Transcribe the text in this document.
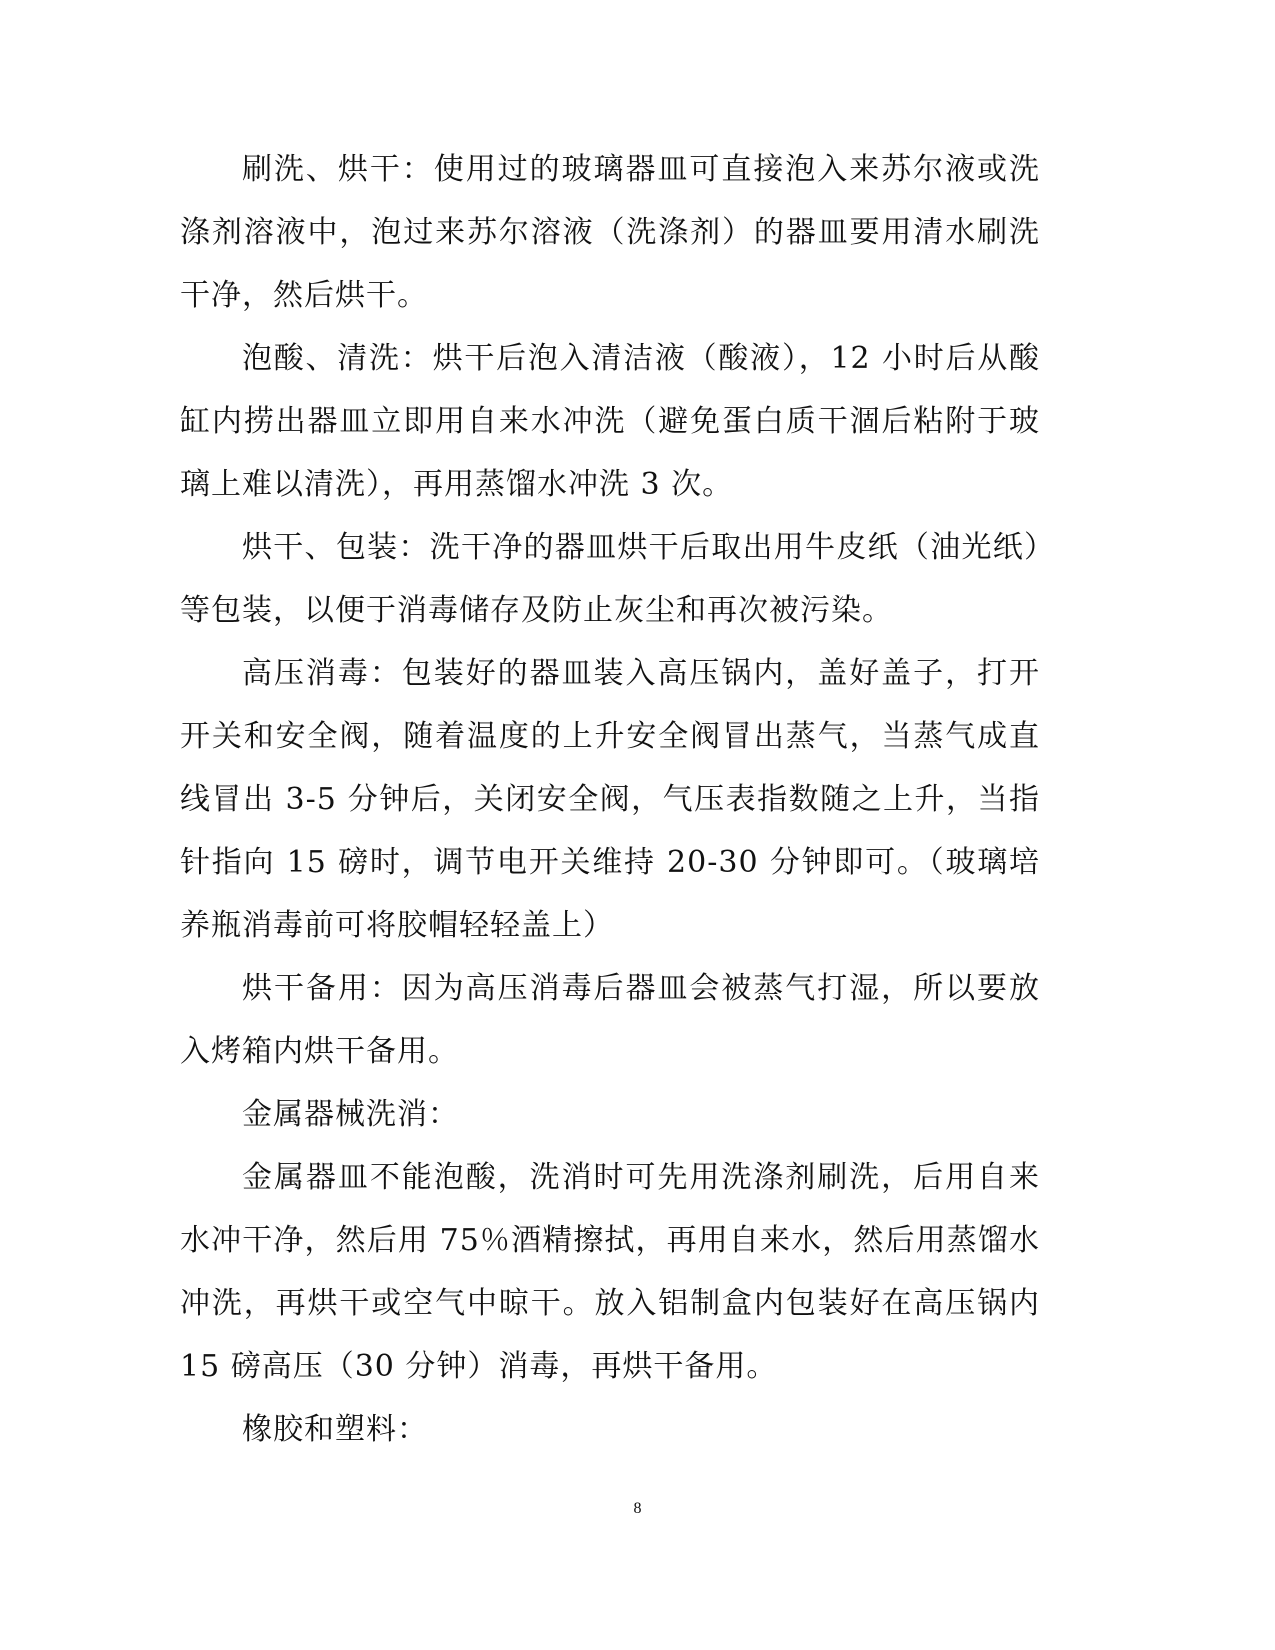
刷洗、烘干：使用过的玻璃器皿可直接泡入来苏尔液或洗涤剂溶液中，泡过来苏尔溶液（洗涤剂）的器皿要用清水刷洗干净，然后烘干。

泡酸、清洗：烘干后泡入清洁液（酸液），12 小时后从酸缸内捞出器皿立即用自来水冲洗（避免蛋白质干涸后粘附于玻璃上难以清洗），再用蒸馏水冲洗 3 次。

烘干、包装：洗干净的器皿烘干后取出用牛皮纸（油光纸）等包装，以便于消毒储存及防止灰尘和再次被污染。

高压消毒：包装好的器皿装入高压锅内，盖好盖子，打开开关和安全阀，随着温度的上升安全阀冒出蒸气，当蒸气成直线冒出 3-5 分钟后，关闭安全阀，气压表指数随之上升，当指针指向 15 磅时，调节电开关维持 20-30 分钟即可。（玻璃培养瓶消毒前可将胶帽轻轻盖上）

烘干备用：因为高压消毒后器皿会被蒸气打湿，所以要放入烤箱内烘干备用。

金属器械洗消：

金属器皿不能泡酸，洗消时可先用洗涤剂刷洗，后用自来水冲干净，然后用 75％酒精擦拭，再用自来水，然后用蒸馏水冲洗，再烘干或空气中晾干。放入铝制盒内包装好在高压锅内 15 磅高压（30 分钟）消毒，再烘干备用。

橡胶和塑料：

8
